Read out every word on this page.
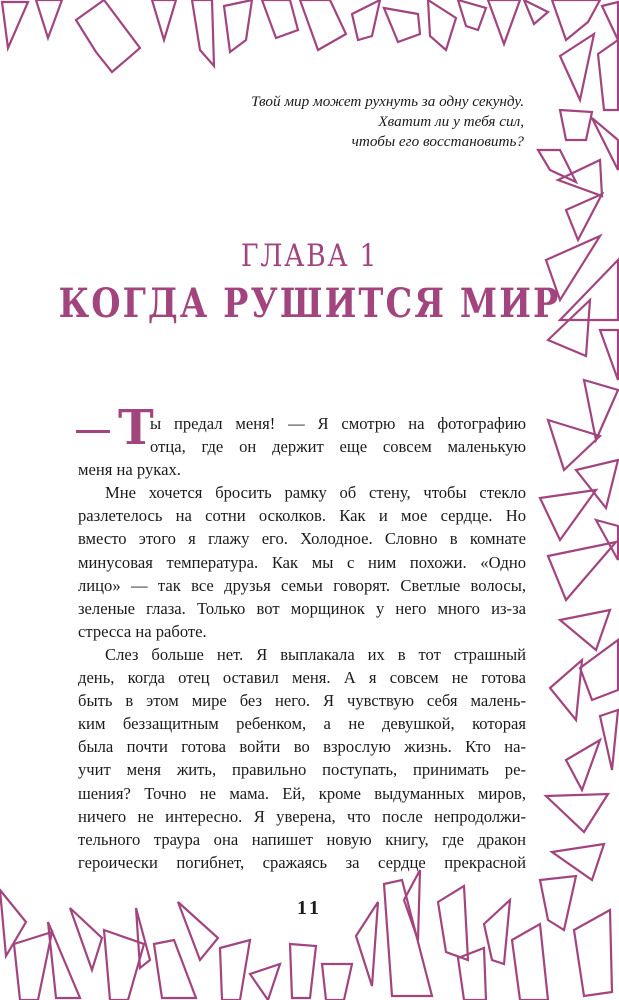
Твой мир может рухнуть за одну секунду.
Хватит ли у тебя сил,
чтобы его восстановить?
ГЛАВА 1
КОГДА РУШИТСЯ МИР
Т
ы предал меня! — Я смотрю на фотографию
отца, где он держит еще совсем маленькую
меня на руках.
Мне хочется бросить рамку об стену, чтобы стекло
разлетелось на сотни осколков. Как и мое сердце. Но
вместо этого я глажу его. Холодное. Словно в комнате
минусовая температура. Как мы с ним похожи. «Одно
лицо» — так все друзья семьи говорят. Светлые волосы,
зеленые глаза. Только вот морщинок у него много из-за
стресса на работе.
Слез больше нет. Я выплакала их в тот страшный
день, когда отец оставил меня. А я совсем не готова
быть в этом мире без него. Я чувствую себя малень-
ким беззащитным ребенком, а не девушкой, которая
была почти готова войти во взрослую жизнь. Кто на-
учит меня жить, правильно поступать, принимать ре-
шения? Точно не мама. Ей, кроме выдуманных миров,
ничего не интересно. Я уверена, что после непродолжи-
тельного траура она напишет новую книгу, где дракон
героически погибнет, сражаясь за сердце прекрасной
11
